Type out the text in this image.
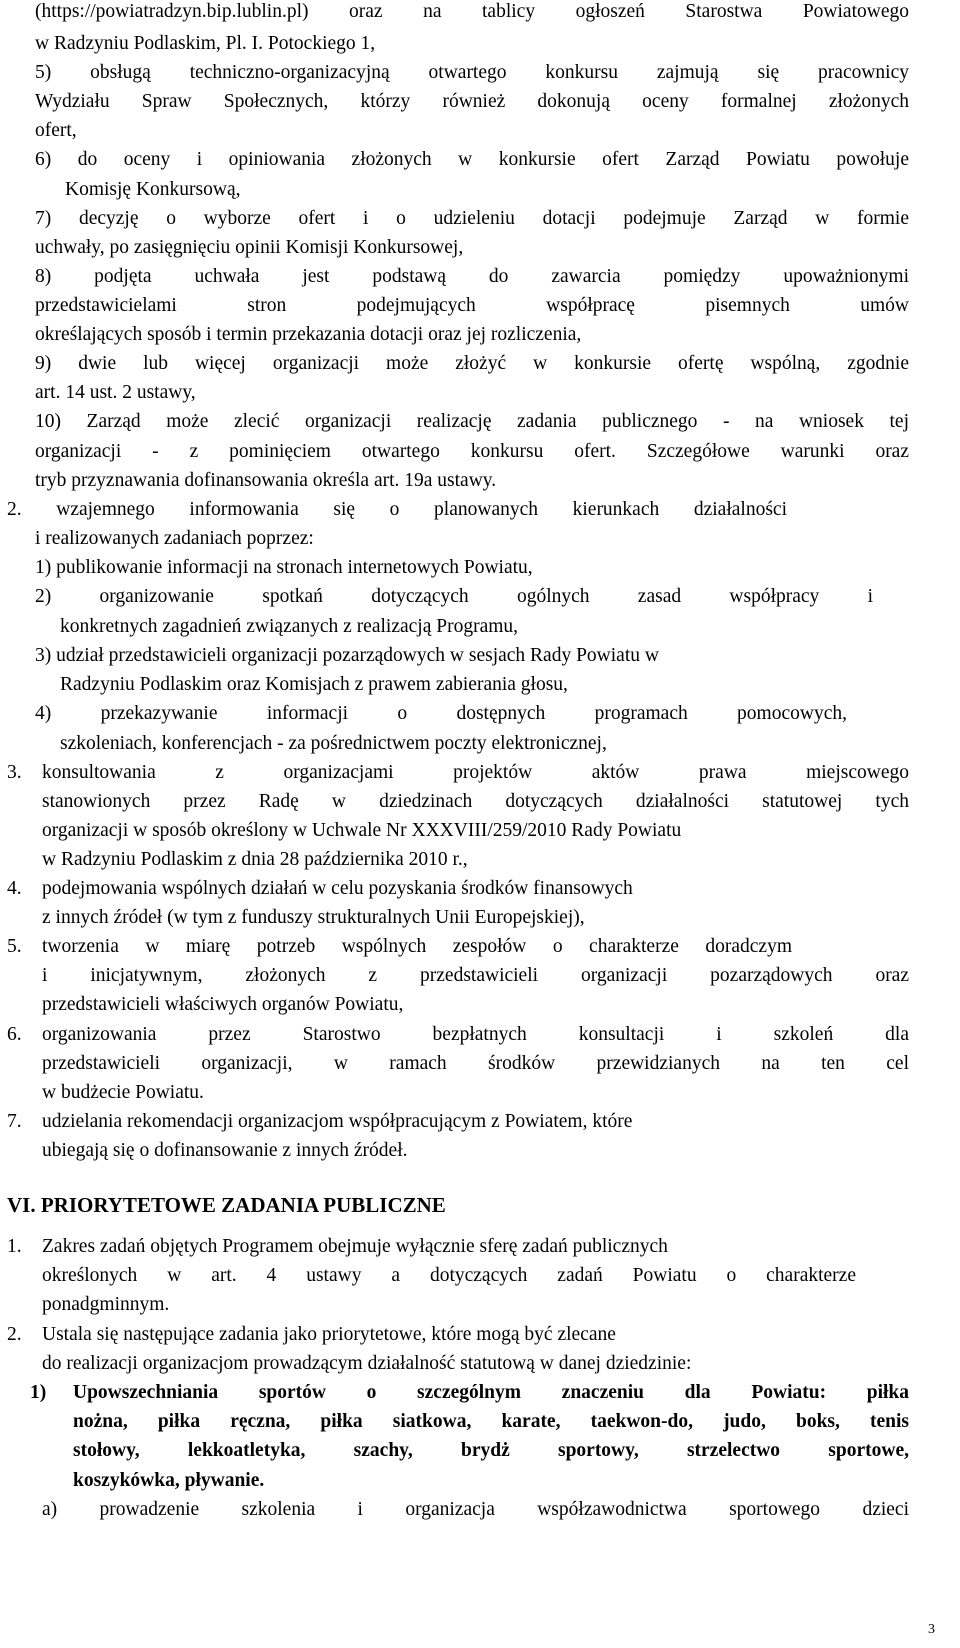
(https://powiatradzyn.bip.lublin.pl) oraz na tablicy ogłoszeń Starostwa Powiatowego
w Radzyniu Podlaskim, Pl. I. Potockiego 1,
5) obsługą techniczno-organizacyjną otwartego konkursu zajmują się pracownicy
Wydziału Spraw Społecznych, którzy również dokonują oceny formalnej złożonych
ofert,
6) do oceny i opiniowania złożonych w konkursie ofert Zarząd Powiatu powołuje
Komisję Konkursową,
7) decyzję o wyborze ofert i o udzieleniu dotacji podejmuje Zarząd w formie
uchwały, po zasięgnięciu opinii Komisji Konkursowej,
8) podjęta uchwała jest podstawą do zawarcia pomiędzy upoważnionymi
przedstawicielami stron podejmujących współpracę pisemnych umów
określających sposób i termin przekazania dotacji oraz jej rozliczenia,
9) dwie lub więcej organizacji może złożyć w konkursie ofertę wspólną, zgodnie
art. 14 ust. 2 ustawy,
10) Zarząd może zlecić organizacji realizację zadania publicznego - na wniosek tej
organizacji - z pominięciem otwartego konkursu ofert. Szczegółowe warunki oraz
tryb przyznawania dofinansowania określa art. 19a ustawy.
2. wzajemnego informowania się o planowanych kierunkach działalności
i realizowanych zadaniach poprzez:
1) publikowanie informacji na stronach internetowych Powiatu,
2) organizowanie spotkań dotyczących ogólnych zasad współpracy i
konkretnych zagadnień związanych z realizacją Programu,
3) udział przedstawicieli organizacji pozarządowych w sesjach Rady Powiatu w
Radzyniu Podlaskim oraz Komisjach z prawem zabierania głosu,
4) przekazywanie informacji o dostępnych programach pomocowych,
szkoleniach, konferencjach - za pośrednictwem poczty elektronicznej,
3. konsultowania z organizacjami projektów aktów prawa miejscowego
stanowionych przez Radę w dziedzinach dotyczących działalności statutowej tych
organizacji w sposób określony w Uchwale Nr XXXVIII/259/2010 Rady Powiatu
w Radzyniu Podlaskim z dnia 28 października 2010 r.,
4. podejmowania wspólnych działań w celu pozyskania środków finansowych
z innych źródeł (w tym z funduszy strukturalnych Unii Europejskiej),
5. tworzenia w miarę potrzeb wspólnych zespołów o charakterze doradczym
i inicjatywnym, złożonych z przedstawicieli organizacji pozarządowych oraz
przedstawicieli właściwych organów Powiatu,
6. organizowania przez Starostwo bezpłatnych konsultacji i szkoleń dla
przedstawicieli organizacji, w ramach środków przewidzianych na ten cel
w budżecie Powiatu.
7. udzielania rekomendacji organizacjom współpracującym z Powiatem, które
ubiegają się o dofinansowanie z innych źródeł.
VI. PRIORYTETOWE ZADANIA PUBLICZNE
1. Zakres zadań objętych Programem obejmuje wyłącznie sferę zadań publicznych
określonych w art. 4 ustawy a dotyczących zadań Powiatu o charakterze
ponadgminnym.
2. Ustala się następujące zadania jako priorytetowe, które mogą być zlecane
do realizacji organizacjom prowadzącym działalność statutową w danej dziedzinie:
1) Upowszechniania sportów o szczególnym znaczeniu dla Powiatu: piłka
nożna, piłka ręczna, piłka siatkowa, karate, taekwon-do, judo, boks, tenis
stołowy, lekkoatletyka, szachy, brydż sportowy, strzelectwo sportowe,
koszykówka, pływanie.
a) prowadzenie szkolenia i organizacja współzawodnictwa sportowego dzieci
3
